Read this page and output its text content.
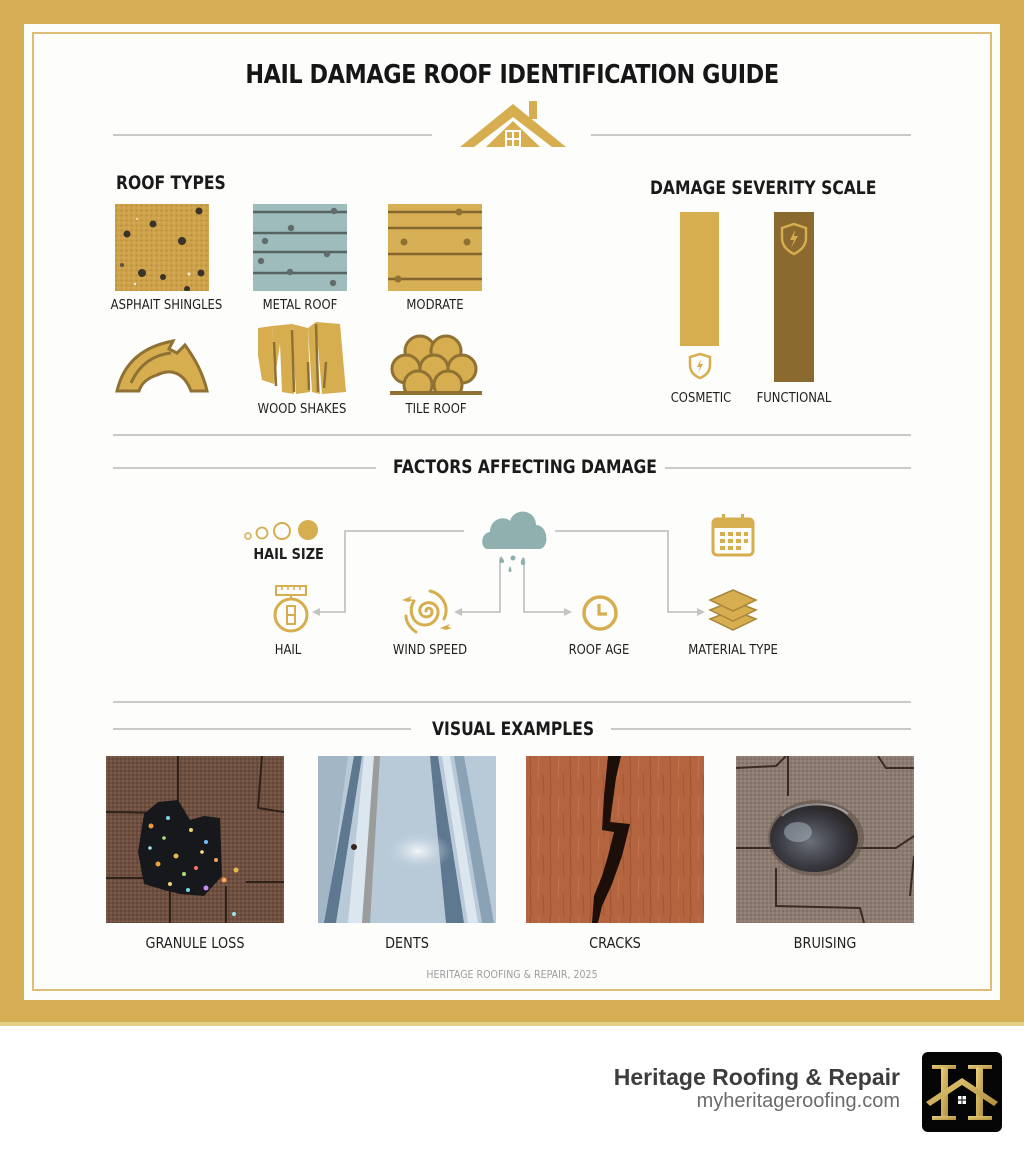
HAIL DAMAGE ROOF IDENTIFICATION GUIDE
ROOF TYPES
ASPHAIT SHINGLES	METAL ROOF	MODRATE
WOOD SHAKES	TILE ROOF
DAMAGE SEVERITY SCALE
COSMETIC FUNCTIONAL
FACTORS AFFECTING DAMAGE
HAIL SIZE
HAIL	WIND SPEED	ROOF AGE	MATERIAL TYPE
VISUAL EXAMPLES
GRANULE LOSS	DENTS	CRACKS	BRUISING
HERITAGE ROOFING & REPAIR, 2025
Heritage Roofing & Repair
myheritageroofing.com
